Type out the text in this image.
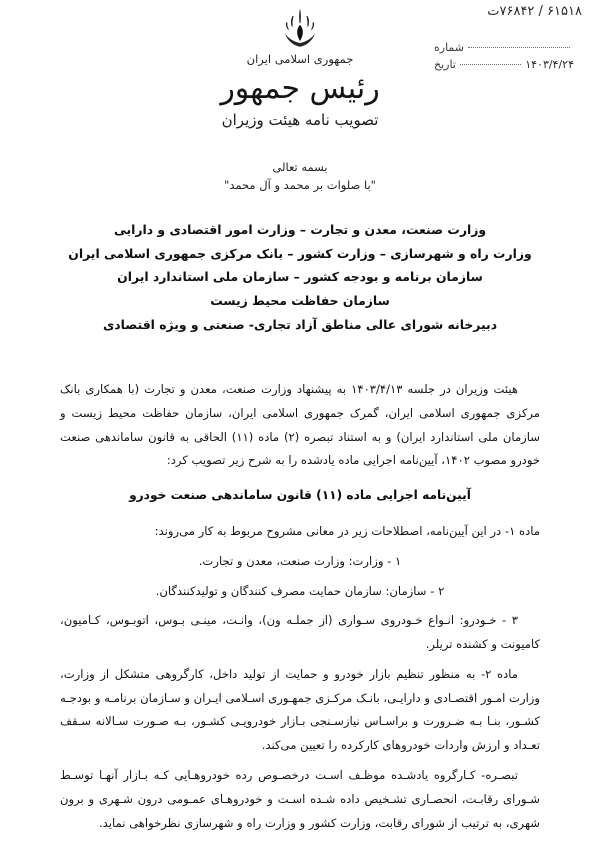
۶۱۵۱۸ / ۷۶۸۴۲ت
شماره
تاریخ	۱۴۰۳/۴/۲۴
جمهوری اسلامی ایران
رئیس جمهور
تصویب نامه هیئت وزیران
بسمه تعالی
"با صلوات بر محمد و آل محمد"
وزارت صنعت، معدن و تجارت – وزارت امور اقتصادی و دارایی
وزارت راه و شهرسازی – وزارت کشور – بانک مرکزی جمهوری اسلامی ایران
سازمان برنامه و بودجه کشور – سازمان ملی استاندارد ایران
سازمان حفاظت محیط زیست
دبیرخانه شورای عالی مناطق آزاد تجاری- صنعتی و ویژه اقتصادی

هیئت وزیران در جلسه ۱۴۰۳/۴/۱۳ به پیشنهاد وزارت صنعت، معدن و تجارت (با همکاری بانک مرکزی جمهوری اسلامی ایران، گمرک جمهوری اسلامی ایران، سازمان حفاظت محیط زیست و سازمان ملی استاندارد ایران) و به استناد تبصره (۲) ماده (۱۱) الحاقی به قانون ساماندهی صنعت خودرو مصوب ۱۴۰۲، آیین‌نامه اجرایی ماده یادشده را به شرح زیر تصویب کرد:

آیین‌نامه اجرایی ماده (۱۱) قانون ساماندهی صنعت خودرو

ماده ۱- در این آیین‌نامه، اصطلاحات زیر در معانی مشروح مربوط به کار می‌روند:

۱ - وزارت: وزارت صنعت، معدن و تجارت.

۲ - سازمان: سازمان حمایت مصرف کنندگان و تولیدکنندگان.

۳ - خـودرو: انـواع خـودروی سـواری (از جملـه ون)، وانـت، مینـی بـوس، اتوبـوس، کـامیون، کامیونت و کشنده تریلر.

ماده ۲- به منظور تنظیم بازار خودرو و حمایت از تولید داخل، کارگروهی متشکل از وزارت، وزارت امـور اقتصـادی و دارایـی، بانـک مرکـزی جمهـوری اسـلامی ایـران و سـازمان برنامـه و بودجـه کشـور، بنـا بـه ضـرورت و براسـاس نیازسـنجی بـازار خودرویـی کشـور، بـه صـورت سـالانه سـقف تعـداد و ارزش واردات خودروهای کارکرده را تعیین می‌کند.

تبصـره- کـارگروه یادشـده موظـف اسـت درخصـوص رده خودروهـایی کـه بـازار آنهـا توسـط شـورای رقابـت، انحصـاری تشـخیص داده شـده اسـت و خودروهـای عمـومی درون شـهری و برون شهری، به ترتیب از شورای رقابت، وزارت کشور و وزارت راه و شهرسازی نظرخواهی نماید.
